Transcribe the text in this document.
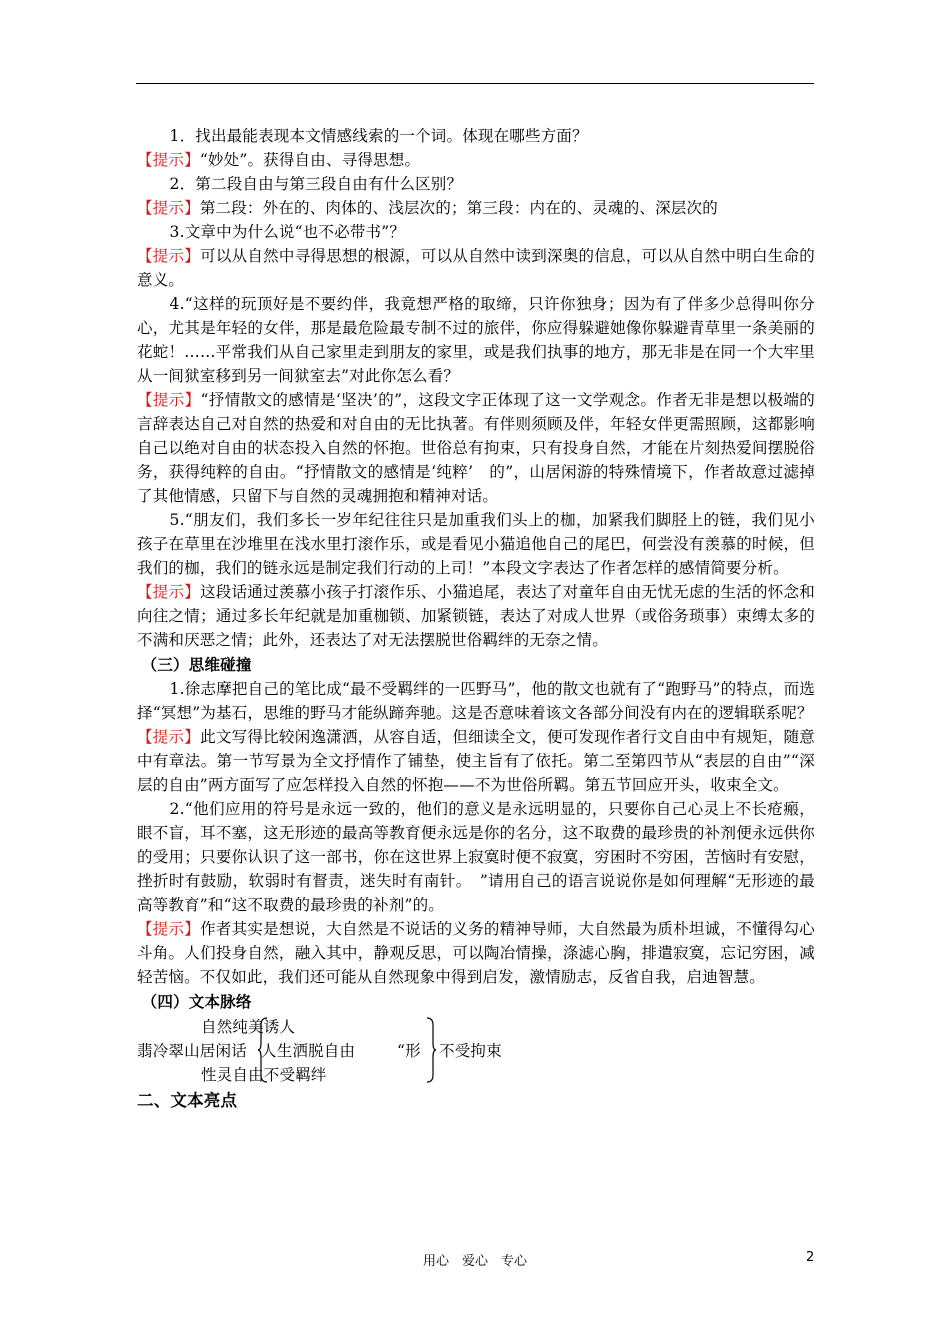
1．找出最能表现本文情感线索的一个词。体现在哪些方面？

【提示】“妙处”。获得自由、寻得思想。

2．第二段自由与第三段自由有什么区别？

【提示】第二段：外在的、肉体的、浅层次的；第三段：内在的、灵魂的、深层次的

3.文章中为什么说“也不必带书”？

【提示】可以从自然中寻得思想的根源，可以从自然中读到深奥的信息，可以从自然中明白生命的意义。

4.“这样的玩顶好是不要约伴，我竟想严格的取缔，只许你独身；因为有了伴多少总得叫你分心，尤其是年轻的女伴，那是最危险最专制不过的旅伴，你应得躲避她像你躲避青草里一条美丽的花蛇！……平常我们从自己家里走到朋友的家里，或是我们执事的地方，那无非是在同一个大牢里从一间狱室移到另一间狱室去”对此你怎么看？

【提示】“抒情散文的感情是‘坚决’的”，这段文字正体现了这一文学观念。作者无非是想以极端的言辞表达自己对自然的热爱和对自由的无比执著。有伴则须顾及伴，年轻女伴更需照顾，这都影响自己以绝对自由的状态投入自然的怀抱。世俗总有拘束，只有投身自然，才能在片刻热爱间摆脱俗务，获得纯粹的自由。“抒情散文的感情是‘纯粹’　的”，山居闲游的特殊情境下，作者故意过滤掉了其他情感，只留下与自然的灵魂拥抱和精神对话。

5.“朋友们，我们多长一岁年纪往往只是加重我们头上的枷，加紧我们脚胫上的链，我们见小孩子在草里在沙堆里在浅水里打滚作乐，或是看见小猫追他自己的尾巴，何尝没有羡慕的时候，但我们的枷，我们的链永远是制定我们行动的上司！”本段文字表达了作者怎样的感情简要分析。

【提示】这段话通过羡慕小孩子打滚作乐、小猫追尾，表达了对童年自由无忧无虑的生活的怀念和向往之情；通过多长年纪就是加重枷锁、加紧锁链，表达了对成人世界（或俗务琐事）束缚太多的不满和厌恶之情；此外，还表达了对无法摆脱世俗羁绊的无奈之情。

（三）思维碰撞

1.徐志摩把自己的笔比成“最不受羁绊的一匹野马”，他的散文也就有了“跑野马”的特点，而选择“冥想”为基石，思维的野马才能纵蹄奔驰。这是否意味着该文各部分间没有内在的逻辑联系呢？

【提示】此文写得比较闲逸潇洒，从容自适，但细读全文，便可发现作者行文自由中有规矩，随意中有章法。第一节写景为全文抒情作了铺垫，使主旨有了依托。第二至第四节从“表层的自由”“深层的自由”两方面写了应怎样投入自然的怀抱——不为世俗所羁。第五节回应开头，收束全文。

2.“他们应用的符号是永远一致的，他们的意义是永远明显的，只要你自己心灵上不长疮瘢，眼不盲，耳不塞，这无形迹的最高等教育便永远是你的名分，这不取费的最珍贵的补剂便永远供你的受用；只要你认识了这一部书，你在这世界上寂寞时便不寂寞，穷困时不穷困，苦恼时有安慰，挫折时有鼓励，软弱时有督责，迷失时有南针。　”请用自己的语言说说你是如何理解“无形迹的最高等教育”和“这不取费的最珍贵的补剂”的。

【提示】作者其实是想说，大自然是不说话的义务的精神导师，大自然最为质朴坦诚，不懂得勾心斗角。人们投身自然，融入其中，静观反思，可以陶冶情操，涤滤心胸，排遣寂寞，忘记穷困，减轻苦恼。不仅如此，我们还可能从自然现象中得到启发，激情励志，反省自我，启迪智慧。

（四）文本脉络

自然纯美诱人
翡冷翠山居闲话 人生洒脱自由
性灵自由不受羁绊
“形 不受拘束
二、文本亮点
用心　爱心　专心	2
